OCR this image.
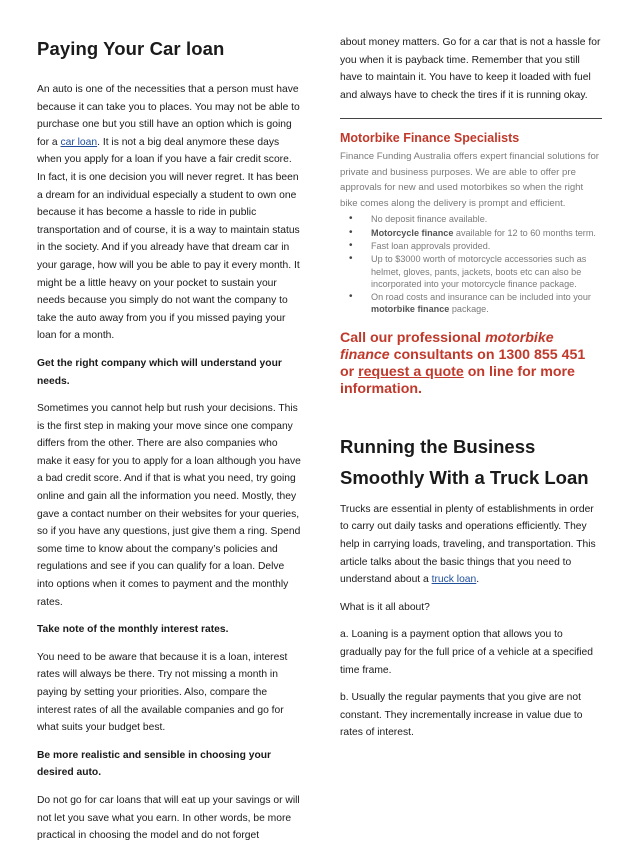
Paying Your Car loan

An auto is one of the necessities that a person must have because it can take you to places. You may not be able to purchase one but you still have an option which is going for a car loan. It is not a big deal anymore these days when you apply for a loan if you have a fair credit score. In fact, it is one decision you will never regret. It has been a dream for an individual especially a student to own one because it has become a hassle to ride in public transportation and of course, it is a way to maintain status in the society. And if you already have that dream car in your garage, how will you be able to pay it every month. It might be a little heavy on your pocket to sustain your needs because you simply do not want the company to take the auto away from you if you missed paying your loan for a month.

Get the right company which will understand your needs.

Sometimes you cannot help but rush your decisions. This is the first step in making your move since one company differs from the other. There are also companies who make it easy for you to apply for a loan although you have a bad credit score. And if that is what you need, try going online and gain all the information you need. Mostly, they gave a contact number on their websites for your queries, so if you have any questions, just give them a ring. Spend some time to know about the company’s policies and regulations and see if you can qualify for a loan. Delve into options when it comes to payment and the monthly rates.

Take note of the monthly interest rates.

You need to be aware that because it is a loan, interest rates will always be there. Try not missing a month in paying by setting your priorities. Also, compare the interest rates of all the available companies and go for what suits your budget best.

Be more realistic and sensible in choosing your desired auto.

Do not go for car loans that will eat up your savings or will not let you save what you earn. In other words, be more practical in choosing the model and do not forget

about money matters. Go for a car that is not a hassle for you when it is payback time. Remember that you still have to maintain it. You have to keep it loaded with fuel and always have to check the tires if it is running okay.

Motorbike Finance Specialists

Finance Funding Australia offers expert financial solutions for private and business purposes. We are able to offer pre approvals for new and used motorbikes so when the right bike comes along the delivery is prompt and efficient.

• No deposit finance available.
• Motorcycle finance available for 12 to 60 months term.
• Fast loan approvals provided.
• Up to $3000 worth of motorcycle accessories such as helmet, gloves, pants, jackets, boots etc can also be incorporated into your motorcycle finance package.
• On road costs and insurance can be included into your motorbike finance package.

Call our professional motorbike finance consultants on 1300 855 451 or request a quote on line for more information.

Running the Business Smoothly With a Truck Loan

Trucks are essential in plenty of establishments in order to carry out daily tasks and operations efficiently. They help in carrying loads, traveling, and transportation. This article talks about the basic things that you need to understand about a truck loan.

What is it all about?

a. Loaning is a payment option that allows you to gradually pay for the full price of a vehicle at a specified time frame.

b. Usually the regular payments that you give are not constant. They incrementally increase in value due to rates of interest.
